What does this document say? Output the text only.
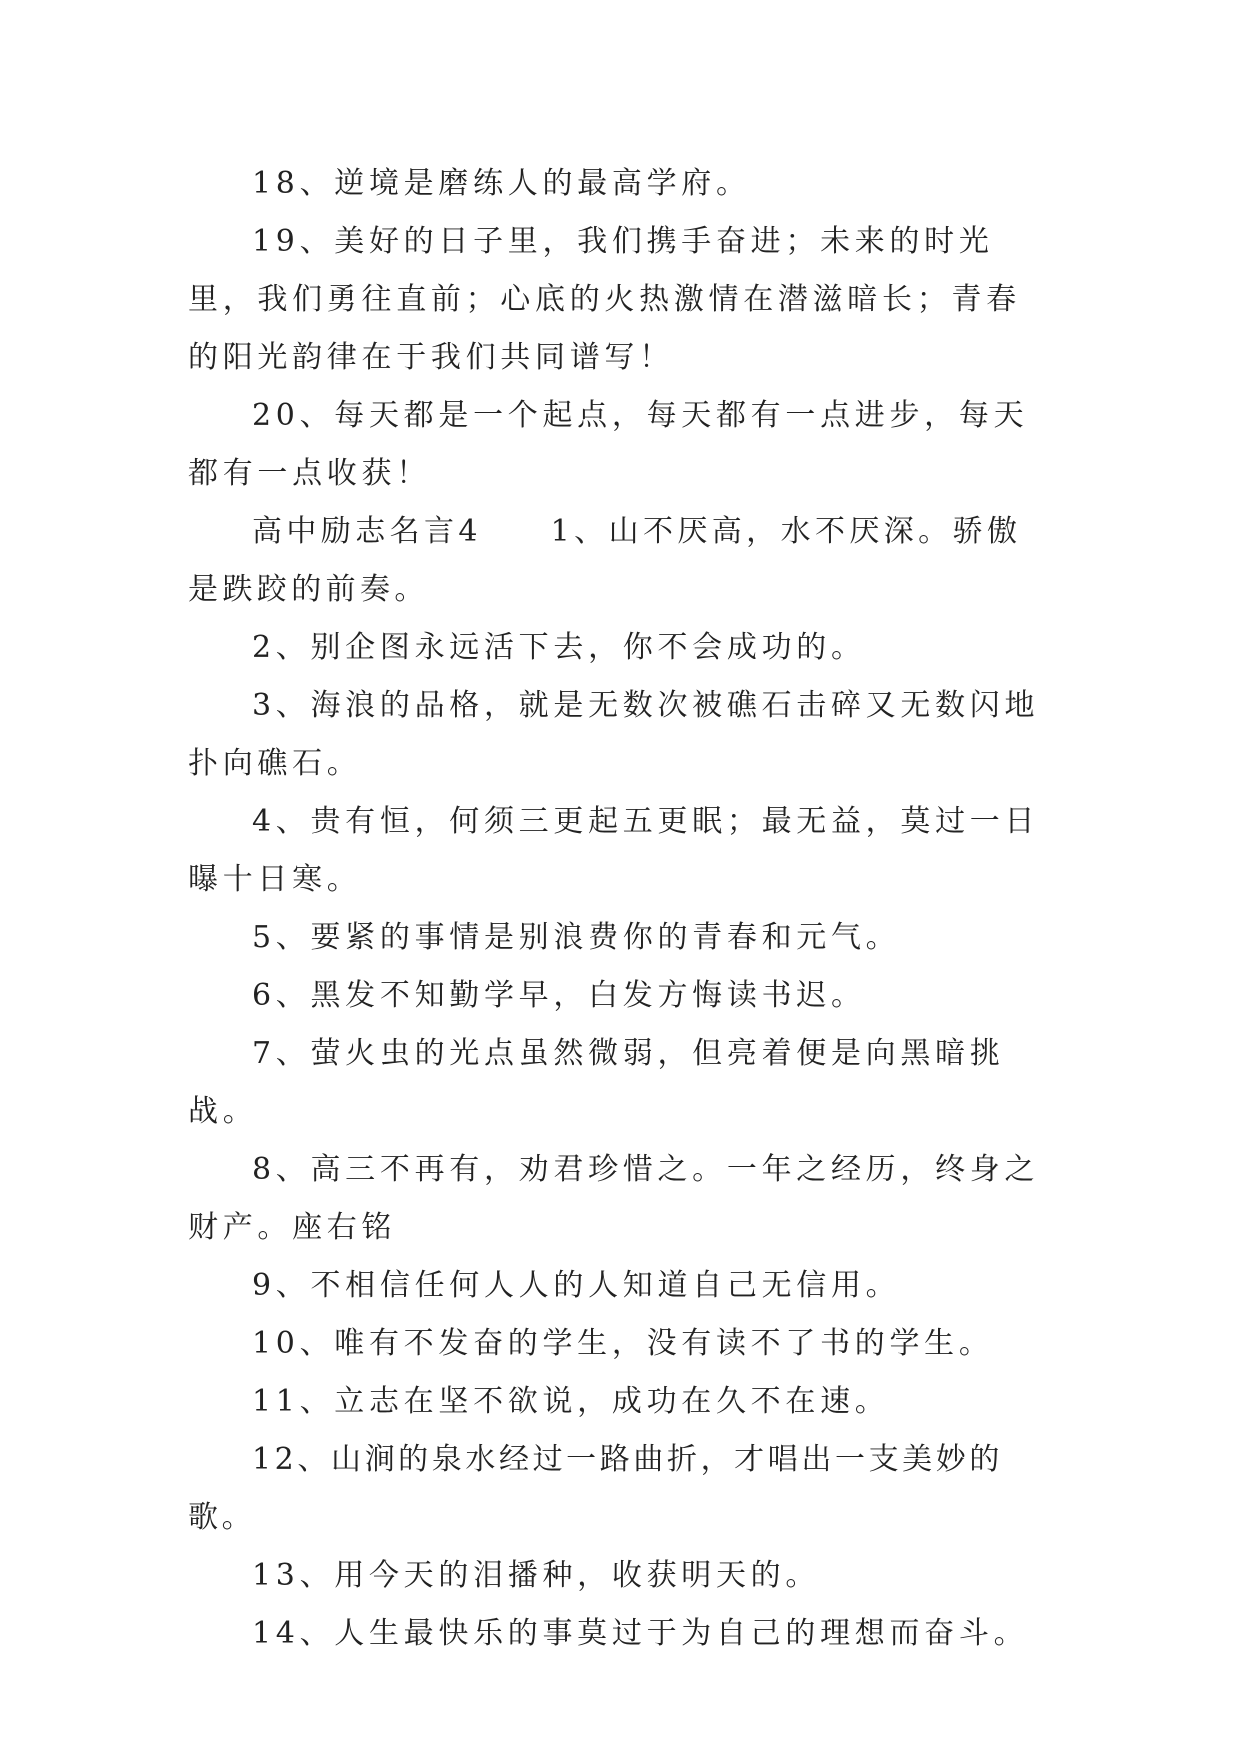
18、逆境是磨练人的最高学府。

19、美好的日子里，我们携手奋进；未来的时光里，我们勇往直前；心底的火热激情在潜滋暗长；青春的阳光韵律在于我们共同谱写！

20、每天都是一个起点，每天都有一点进步，每天都有一点收获！

高中励志名言4　　1、山不厌高，水不厌深。骄傲是跌跤的前奏。

2、别企图永远活下去，你不会成功的。

3、海浪的品格，就是无数次被礁石击碎又无数闪地扑向礁石。

4、贵有恒，何须三更起五更眠；最无益，莫过一日曝十日寒。

5、要紧的事情是别浪费你的青春和元气。

6、黑发不知勤学早，白发方悔读书迟。

7、萤火虫的光点虽然微弱，但亮着便是向黑暗挑战。

8、高三不再有，劝君珍惜之。一年之经历，终身之财产。座右铭

9、不相信任何人人的人知道自己无信用。

10、唯有不发奋的学生，没有读不了书的学生。

11、立志在坚不欲说，成功在久不在速。

12、山涧的泉水经过一路曲折，才唱出一支美妙的歌。

13、用今天的泪播种，收获明天的。

14、人生最快乐的事莫过于为自己的理想而奋斗。
